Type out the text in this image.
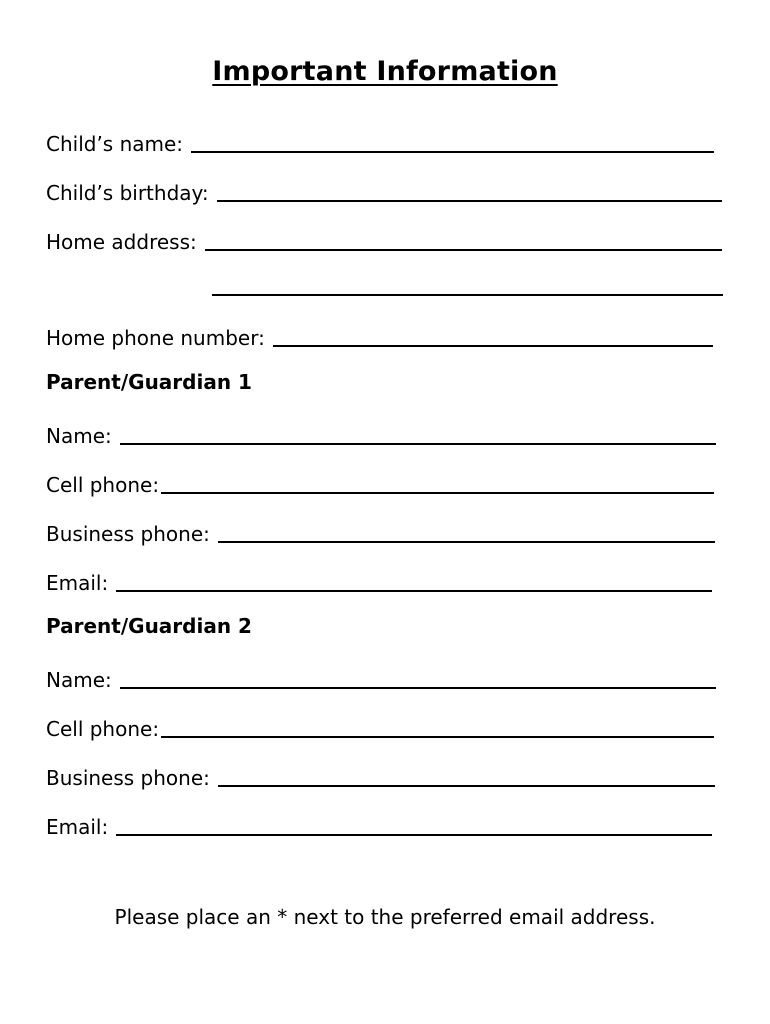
Important Information
Child’s name:
Child’s birthday:
Home address:
Home phone number:
Parent/Guardian 1
Name:
Cell phone:
Business phone:
Email:
Parent/Guardian 2
Name:
Cell phone:
Business phone:
Email:
Please place an * next to the preferred email address.
